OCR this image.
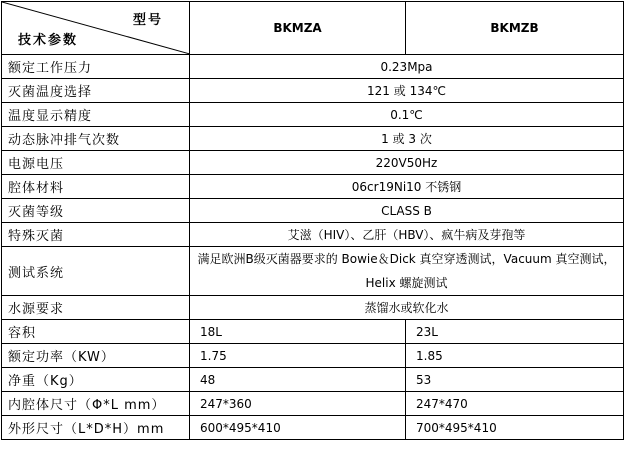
型号
技术参数	BKMZA	BKMZB
额定工作压力	0.23Mpa	
灭菌温度选择	121 或 134℃	
温度显示精度	0.1℃	
动态脉冲排气次数	1 或 3 次	
电源电压	220V50Hz	
腔体材料	06cr19Ni10 不锈钢	
灭菌等级	CLASS B	
特殊灭菌	艾滋（HIV）、乙肝（HBV）、疯牛病及芽孢等	
测试系统	满足欧洲B级灭菌器要求的 Bowie＆Dick 真空穿透测试，Vacuum 真空测试，Helix 螺旋测试	
水源要求	蒸馏水或软化水	
容积	18L	23L
额定功率（KW）	1.75	1.85
净重（Kg）	48	53
内腔体尺寸（Φ*L mm）	247*360	247*470
外形尺寸（L*D*H）mm	600*495*410	700*495*410
